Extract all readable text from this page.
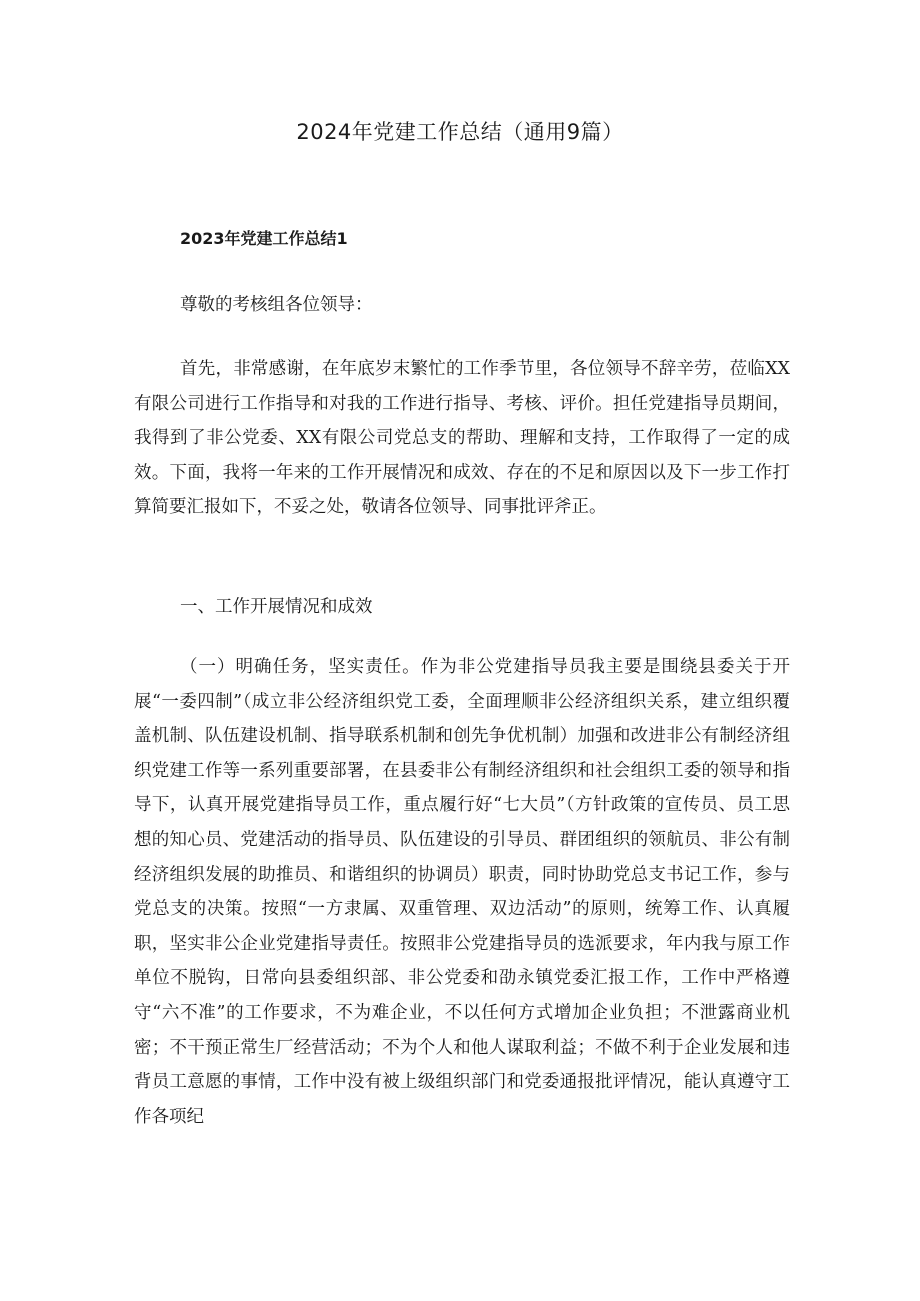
2024年党建工作总结（通用9篇）
2023年党建工作总结1
尊敬的考核组各位领导：

首先，非常感谢，在年底岁末繁忙的工作季节里，各位领导不辞辛劳，莅临XX有限公司进行工作指导和对我的工作进行指导、考核、评价。担任党建指导员期间，我得到了非公党委、XX有限公司党总支的帮助、理解和支持，工作取得了一定的成效。下面，我将一年来的工作开展情况和成效、存在的不足和原因以及下一步工作打算简要汇报如下，不妥之处，敬请各位领导、同事批评斧正。

一、工作开展情况和成效

（一）明确任务，坚实责任。作为非公党建指导员我主要是围绕县委关于开展“一委四制”（成立非公经济组织党工委，全面理顺非公经济组织关系，建立组织覆盖机制、队伍建设机制、指导联系机制和创先争优机制）加强和改进非公有制经济组织党建工作等一系列重要部署，在县委非公有制经济组织和社会组织工委的领导和指导下，认真开展党建指导员工作，重点履行好“七大员”（方针政策的宣传员、员工思想的知心员、党建活动的指导员、队伍建设的引导员、群团组织的领航员、非公有制经济组织发展的助推员、和谐组织的协调员）职责，同时协助党总支书记工作，参与党总支的决策。按照“一方隶属、双重管理、双边活动”的原则，统筹工作、认真履职，坚实非公企业党建指导责任。按照非公党建指导员的选派要求，年内我与原工作单位不脱钩，日常向县委组织部、非公党委和劭永镇党委汇报工作，工作中严格遵守“六不准”的工作要求，不为难企业，不以任何方式增加企业负担；不泄露商业机密；不干预正常生厂经营活动；不为个人和他人谋取利益；不做不利于企业发展和违背员工意愿的事情，工作中没有被上级组织部门和党委通报批评情况，能认真遵守工作各项纪
